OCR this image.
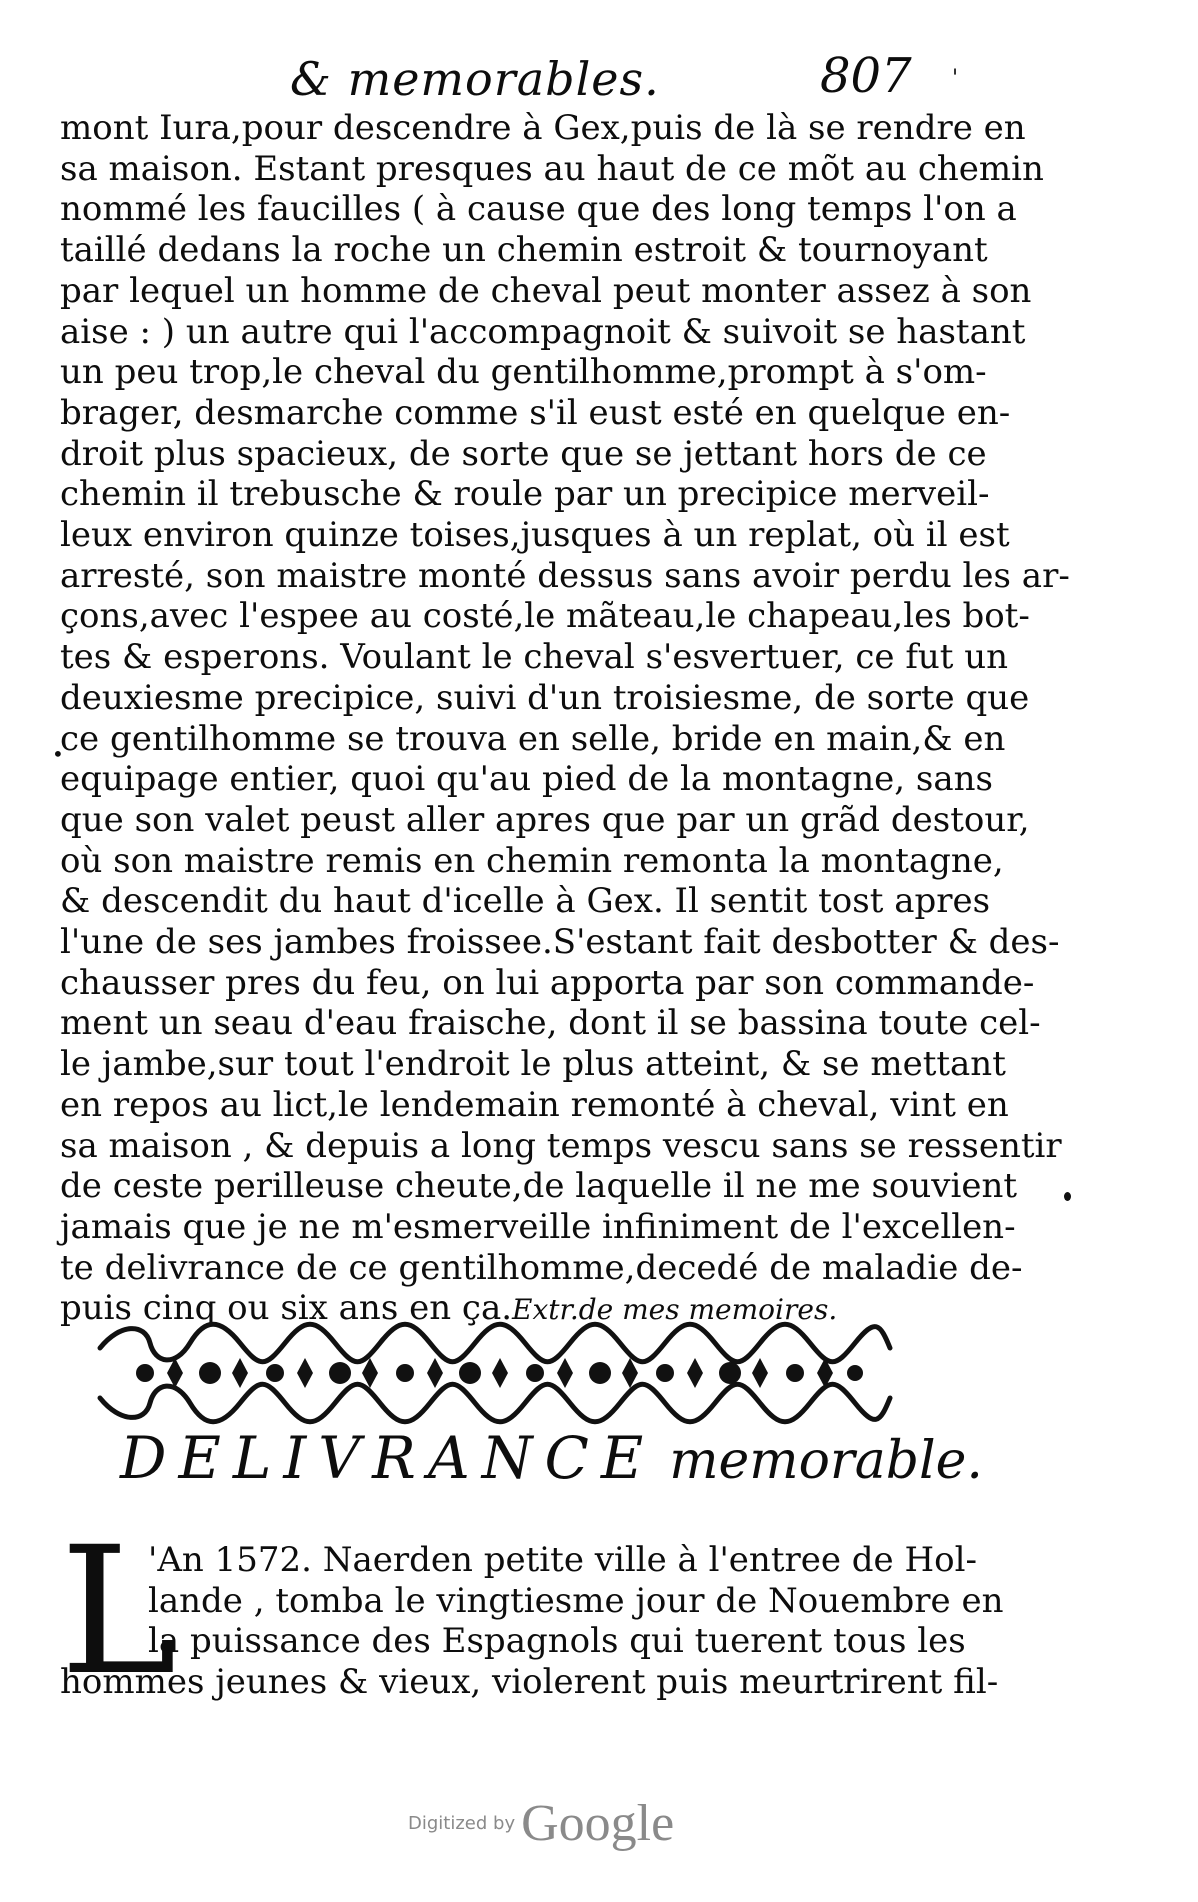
& memorables.	807 '
•
mont Iura,pour descendre à Gex,puis de là se rendre en
sa maison. Estant presques au haut de ce mõt au chemin
nommé les faucilles ( à cause que des long temps l'on a
taillé dedans la roche un chemin estroit & tournoyant
par lequel un homme de cheval peut monter assez à son
aise : ) un autre qui l'accompagnoit & suivoit se hastant
un peu trop,le cheval du gentilhomme,prompt à s'om-
brager, desmarche comme s'il eust esté en quelque en-
droit plus spacieux, de sorte que se jettant hors de ce
chemin il trebusche & roule par un precipice merveil-
leux environ quinze toises,jusques à un replat, où il est
arresté, son maistre monté dessus sans avoir perdu les ar-
çons,avec l'espee au costé,le mãteau,le chapeau,les bot-
tes & esperons. Voulant le cheval s'esvertuer, ce fut un
deuxiesme precipice, suivi d'un troisiesme, de sorte que
ce gentilhomme se trouva en selle, bride en main,& en
equipage entier, quoi qu'au pied de la montagne, sans
que son valet peust aller apres que par un grãd destour,
où son maistre remis en chemin remonta la montagne,
& descendit du haut d'icelle à Gex. Il sentit tost apres
l'une de ses jambes froissee.S'estant fait desbotter & des-
chausser pres du feu, on lui apporta par son commande-
ment un seau d'eau fraische, dont il se bassina toute cel-
le jambe,sur tout l'endroit le plus atteint, & se mettant
en repos au lict,le lendemain remonté à cheval, vint en
sa maison , & depuis a long temps vescu sans se ressentir
de ceste perilleuse cheute,de laquelle il ne me souvient
jamais que je ne m'esmerveille infiniment de l'excellen-
te delivrance de ce gentilhomme,decedé de maladie de-
puis cinq ou six ans en ça.Extr.de mes memoires.
DELIVRANCE memorable.
L
'An 1572. Naerden petite ville à l'entree de Hol-
lande , tomba le vingtiesme jour de Nouembre en
la puissance des Espagnols qui tuerent tous les
hommes jeunes & vieux, violerent puis meurtrirent fil-
Digitized by Google
